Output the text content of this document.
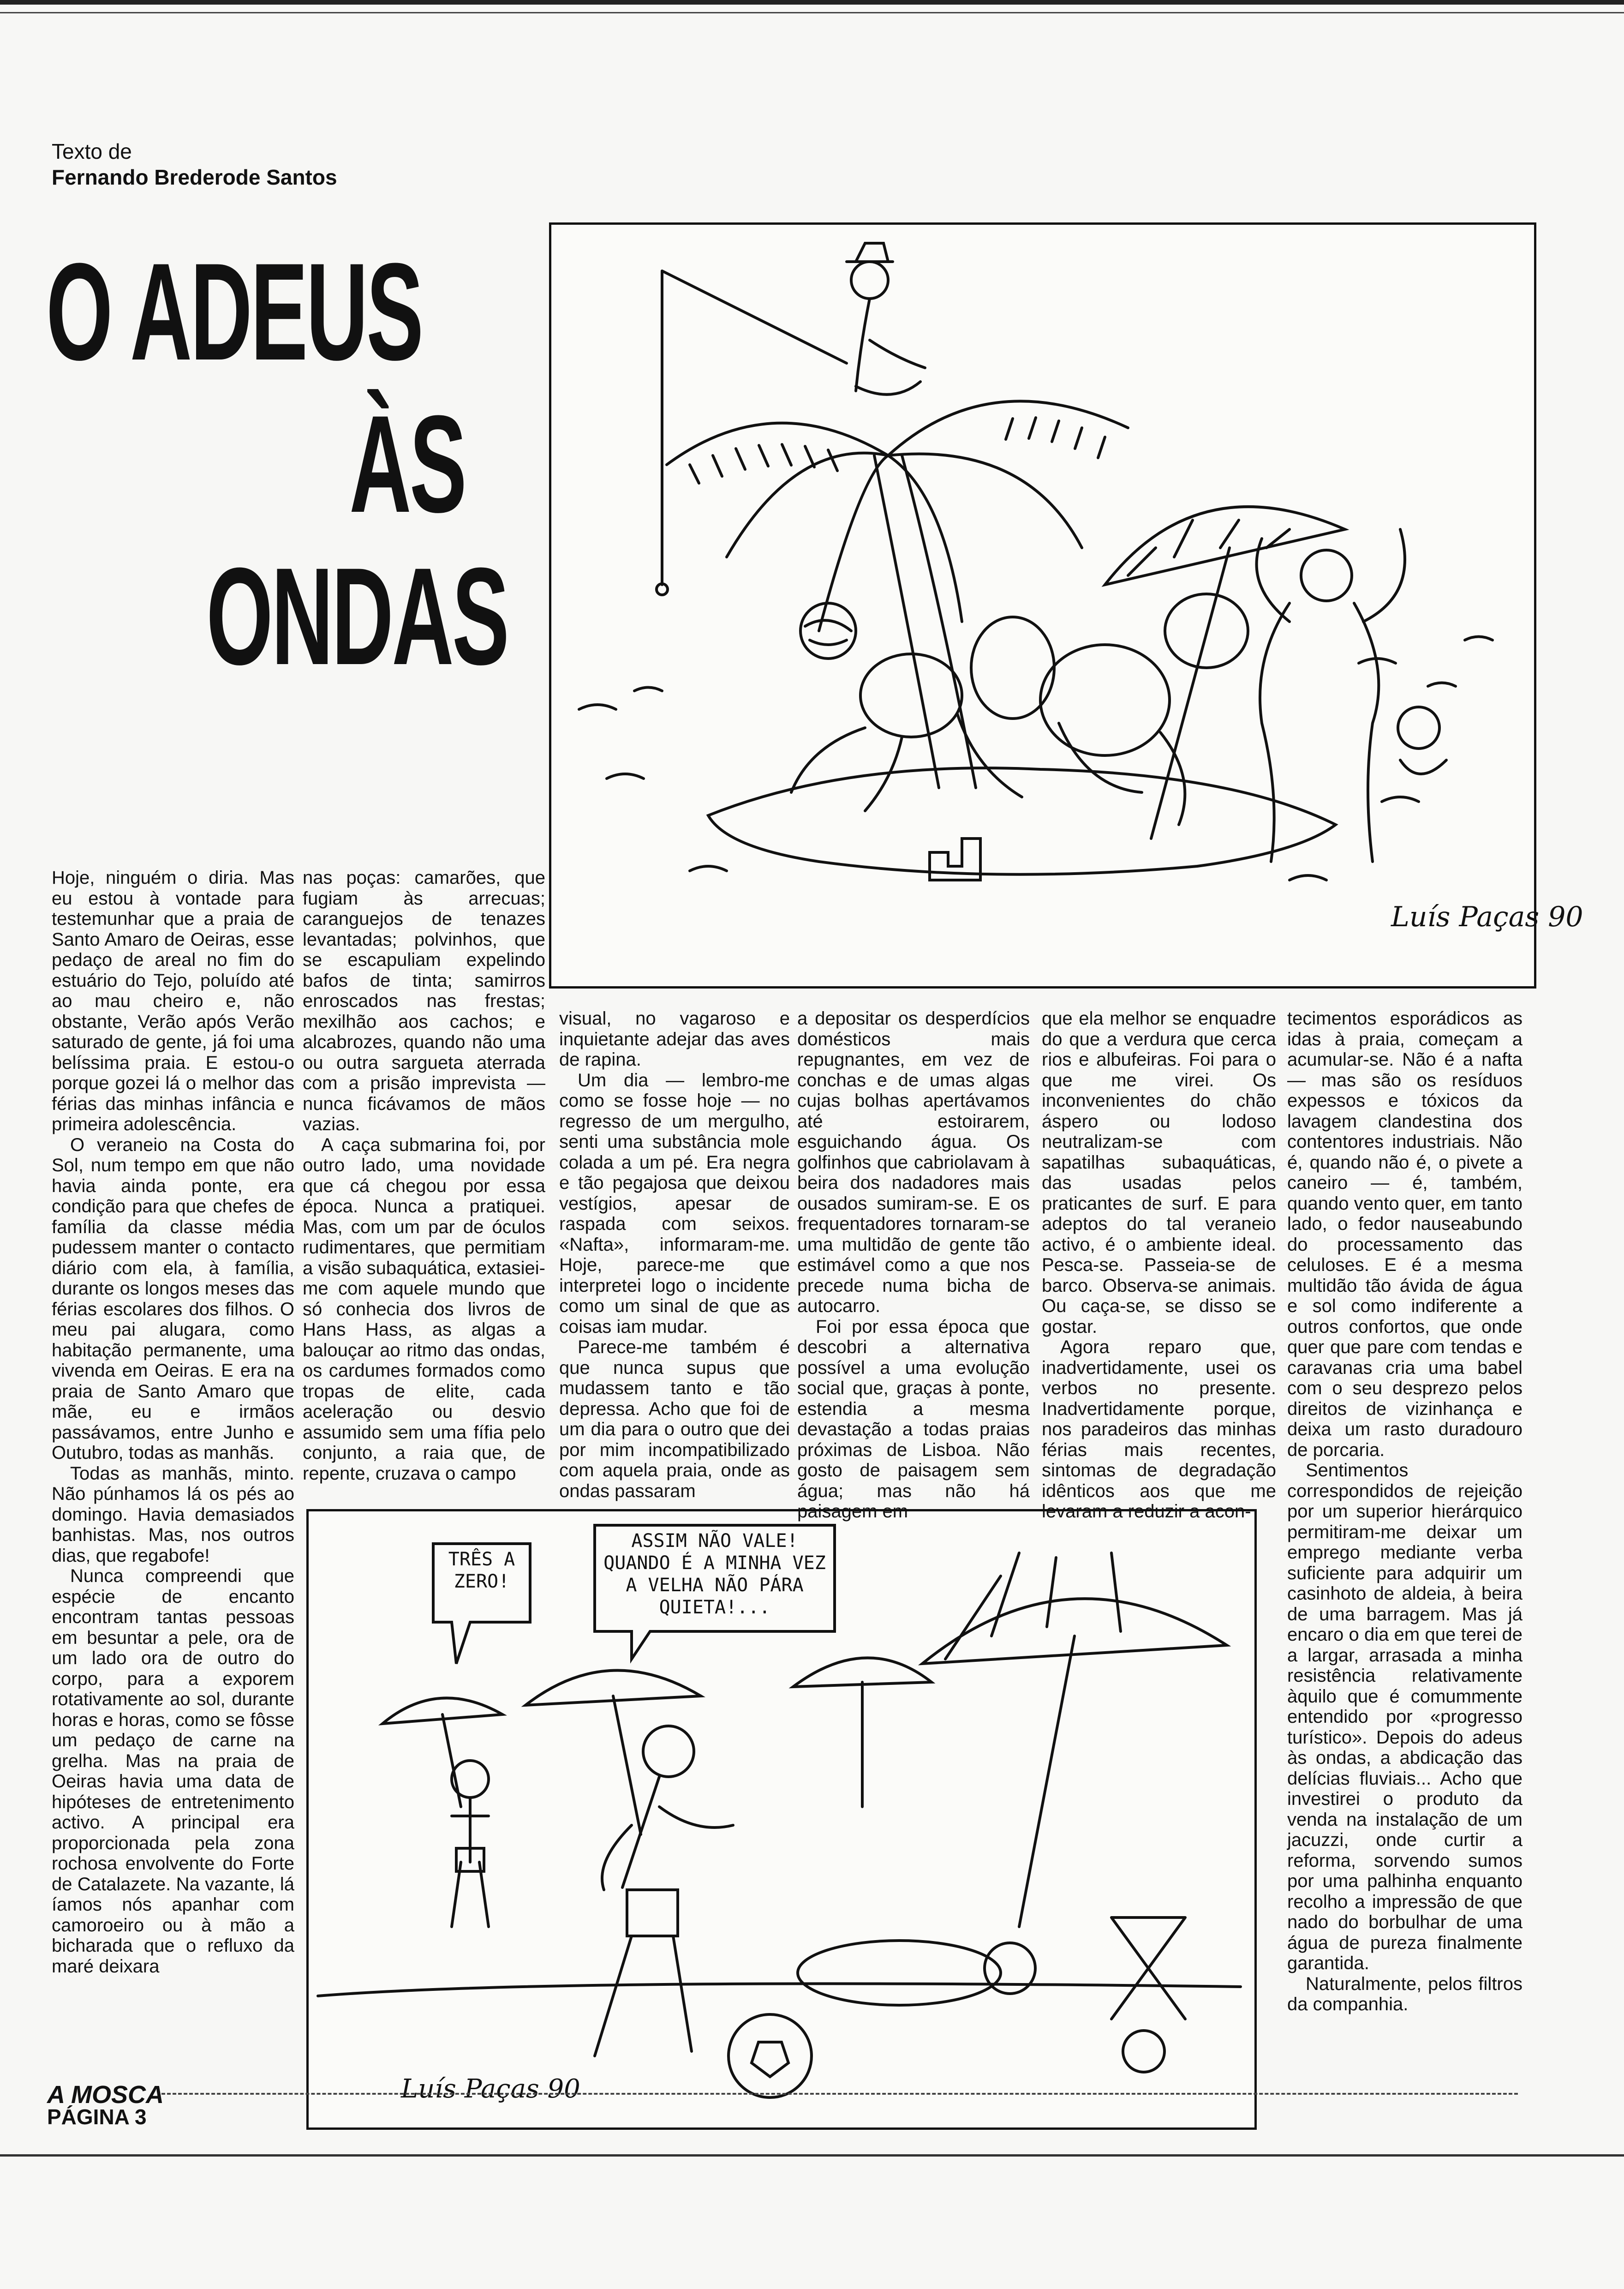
Texto de
Fernando Brederode Santos
O ADEUS
ÀS
ONDAS
Luís Paças 90
TRÊS A ZERO!
ASSIM NÃO VALE! QUANDO É A MINHA VEZ A VELHA NÃO PÁRA QUIETA!...
Luís Paças 90

Hoje, ninguém o diria. Mas eu estou à vontade para testemunhar que a praia de Santo Amaro de Oeiras, esse pedaço de areal no fim do estuário do Tejo, poluído até ao mau cheiro e, não obstante, Verão após Verão saturado de gente, já foi uma belíssima praia. E estou-o porque gozei lá o melhor das férias das minhas infância e primeira adolescência.

O veraneio na Costa do Sol, num tempo em que não havia ainda ponte, era condição para que chefes de família da classe média pudessem manter o contacto diário com ela, à família, durante os longos meses das férias escolares dos filhos. O meu pai alugara, como habitação permanente, uma vivenda em Oeiras. E era na praia de Santo Amaro que mãe, eu e irmãos passávamos, entre Junho e Outubro, todas as manhãs.

Todas as manhãs, minto. Não púnhamos lá os pés ao domingo. Havia demasiados banhistas. Mas, nos outros dias, que regabofe!

Nunca compreendi que espécie de encanto encontram tantas pessoas em besuntar a pele, ora de um lado ora de outro do corpo, para a exporem rotativamente ao sol, durante horas e horas, como se fôsse um pedaço de carne na grelha. Mas na praia de Oeiras havia uma data de hipóteses de entretenimento activo. A principal era proporcionada pela zona rochosa envolvente do Forte de Catalazete. Na vazante, lá íamos nós apanhar com camoroeiro ou à mão a bicharada que o refluxo da maré deixara

nas poças: camarões, que fugiam às arrecuas; caranguejos de tenazes levantadas; polvinhos, que se escapuliam expelindo bafos de tinta; samirros enroscados nas frestas; mexilhão aos cachos; e alcabrozes, quando não uma ou outra sargueta aterrada com a prisão imprevista — nunca ficávamos de mãos vazias.

A caça submarina foi, por outro lado, uma novidade que cá chegou por essa época. Nunca a pratiquei. Mas, com um par de óculos rudimentares, que permitiam a visão subaquática, extasiei-me com aquele mundo que só conhecia dos livros de Hans Hass, as algas a balouçar ao ritmo das ondas, os cardumes formados como tropas de elite, cada aceleração ou desvio assumido sem uma fífia pelo conjunto, a raia que, de repente, cruzava o campo

visual, no vagaroso e inquietante adejar das aves de rapina.

Um dia — lembro-me como se fosse hoje — no regresso de um mergulho, senti uma substância mole colada a um pé. Era negra e tão pegajosa que deixou vestígios, apesar de raspada com seixos. «Nafta», informaram-me. Hoje, parece-me que interpretei logo o incidente como um sinal de que as coisas iam mudar.

Parece-me também é que nunca supus que mudassem tanto e tão depressa. Acho que foi de um dia para o outro que dei por mim incompatibilizado com aquela praia, onde as ondas passaram

a depositar os desperdícios domésticos mais repugnantes, em vez de conchas e de umas algas cujas bolhas apertávamos até estoirarem, esguichando água. Os golfinhos que cabriolavam à beira dos nadadores mais ousados sumiram-se. E os frequentadores tornaram-se uma multidão de gente tão estimável como a que nos precede numa bicha de autocarro.

Foi por essa época que descobri a alternativa possível a uma evolução social que, graças à ponte, estendia a mesma devastação a todas praias próximas de Lisboa. Não gosto de paisagem sem água; mas não há paisagem em

que ela melhor se enquadre do que a verdura que cerca rios e albufeiras. Foi para o que me virei. Os inconvenientes do chão áspero ou lodoso neutralizam-se com sapatilhas subaquáticas, das usadas pelos praticantes de surf. E para adeptos do tal veraneio activo, é o ambiente ideal. Pesca-se. Passeia-se de barco. Observa-se animais. Ou caça-se, se disso se gostar.

Agora reparo que, inadvertidamente, usei os verbos no presente. Inadvertidamente porque, nos paradeiros das minhas férias mais recentes, sintomas de degradação idênticos aos que me levaram a reduzir a acon-

tecimentos esporádicos as idas à praia, começam a acumular-se. Não é a nafta — mas são os resíduos expessos e tóxicos da lavagem clandestina dos contentores industriais. Não é, quando não é, o pivete a caneiro — é, também, quando vento quer, em tanto lado, o fedor nauseabundo do processamento das celuloses. E é a mesma multidão tão ávida de água e sol como indiferente a outros confortos, que onde quer que pare com tendas e caravanas cria uma babel com o seu desprezo pelos direitos de vizinhança e deixa um rasto duradouro de porcaria.

Sentimentos correspondidos de rejeição por um superior hierárquico permitiram-me deixar um emprego mediante verba suficiente para adquirir um casinhoto de aldeia, à beira de uma barragem. Mas já encaro o dia em que terei de a largar, arrasada a minha resistência relativamente àquilo que é comummente entendido por «progresso turístico». Depois do adeus às ondas, a abdicação das delícias fluviais... Acho que investirei o produto da venda na instalação de um jacuzzi, onde curtir a reforma, sorvendo sumos por uma palhinha enquanto recolho a impressão de que nado do borbulhar de uma água de pureza finalmente garantida.

Naturalmente, pelos filtros da companhia.

A MOSCA
PÁGINA 3
